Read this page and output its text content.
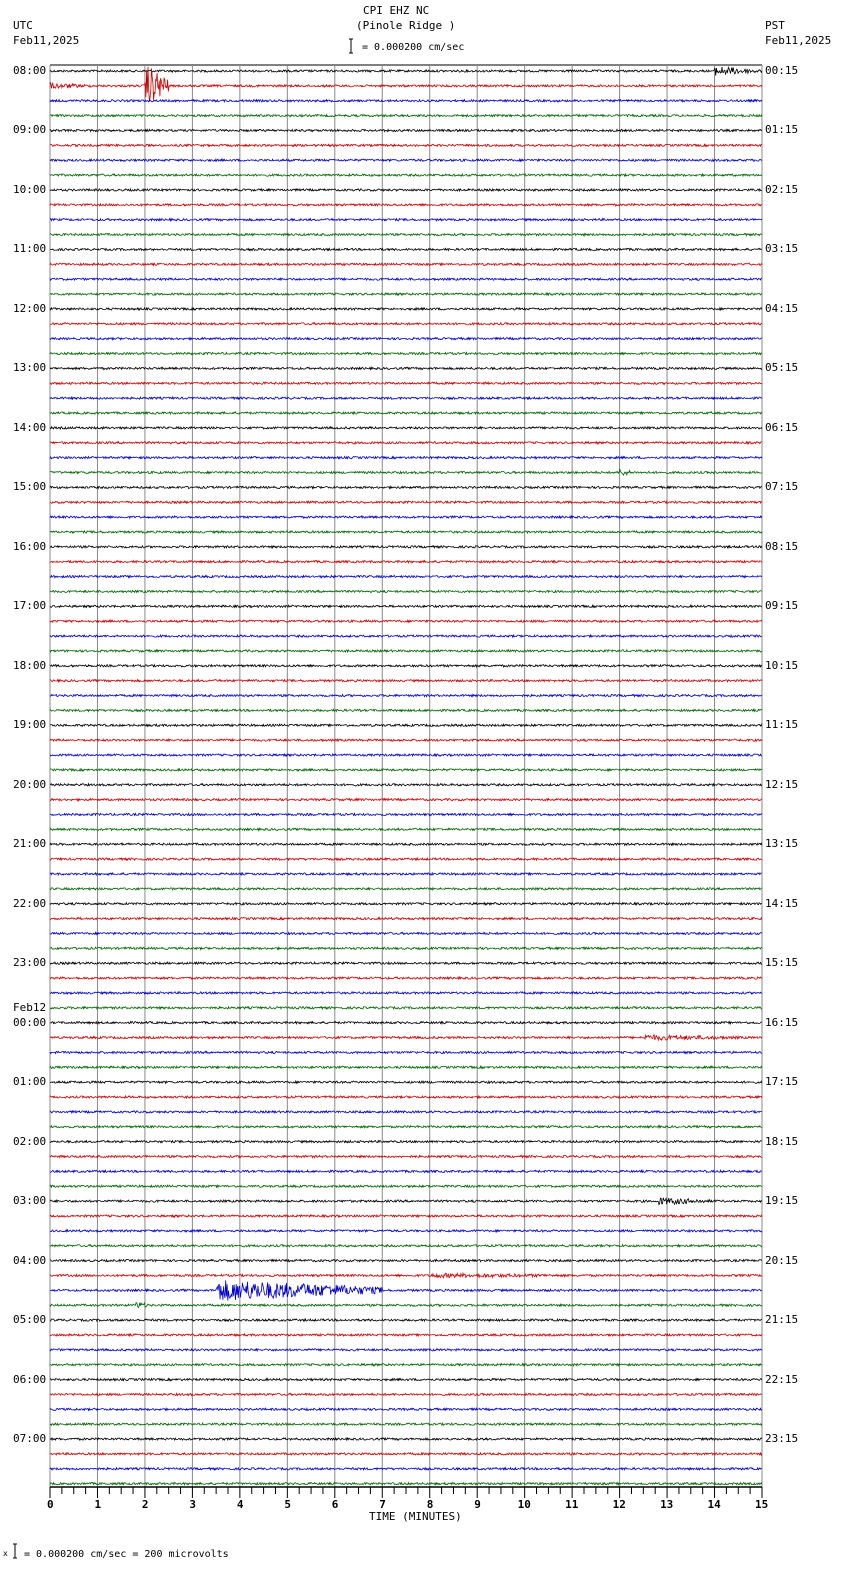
CPI EHZ NC
(Pinole Ridge )
UTC
Feb11,2025
PST
Feb11,2025
= 0.000200 cm/sec
x = 0.000200 cm/sec = 200 microvolts
TIME (MINUTES)
0	1	2	3	4	5	6	7	8	9	10	11	12	13	14	15
08:00	00:15
09:00	01:15
10:00	02:15
11:00	03:15
12:00	04:15
13:00	05:15
14:00	06:15
15:00	07:15
16:00	08:15
17:00	09:15
18:00	10:15
19:00	11:15
20:00	12:15
21:00	13:15
22:00	14:15
23:00	15:15
00:00	16:15
01:00	17:15
02:00	18:15
03:00	19:15
04:00	20:15
05:00	21:15
06:00	22:15
07:00	23:15
Feb12
